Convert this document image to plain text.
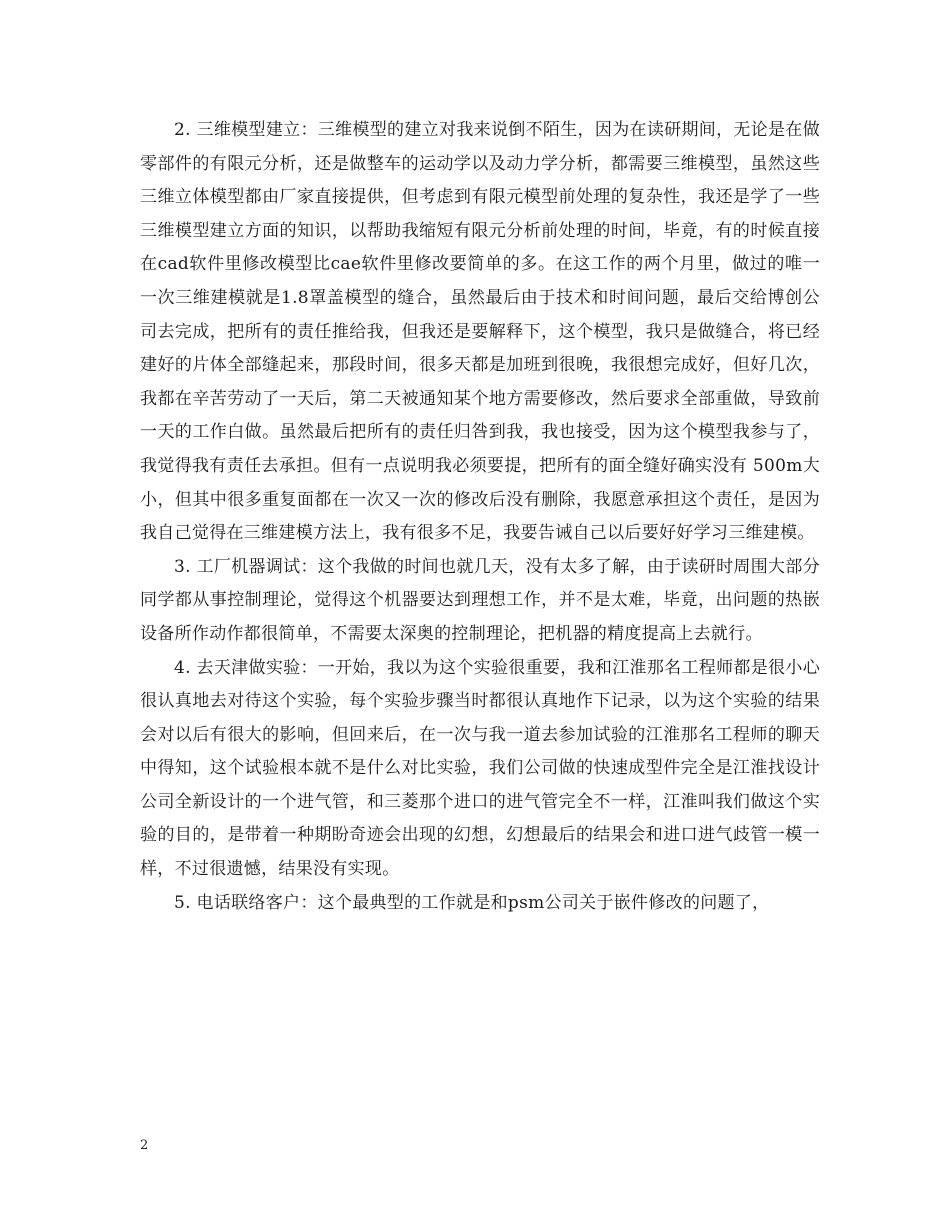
2. 三维模型建立：三维模型的建立对我来说倒不陌生，因为在读研期间，无论是在做零部件的有限元分析，还是做整车的运动学以及动力学分析，都需要三维模型，虽然这些三维立体模型都由厂家直接提供，但考虑到有限元模型前处理的复杂性，我还是学了一些三维模型建立方面的知识，以帮助我缩短有限元分析前处理的时间，毕竟，有的时候直接在cad软件里修改模型比cae软件里修改要简单的多。在这工作的两个月里，做过的唯一一次三维建模就是1.8罩盖模型的缝合，虽然最后由于技术和时间问题，最后交给博创公司去完成，把所有的责任推给我，但我还是要解释下，这个模型，我只是做缝合，将已经建好的片体全部缝起来，那段时间，很多天都是加班到很晚，我很想完成好，但好几次，我都在辛苦劳动了一天后，第二天被通知某个地方需要修改，然后要求全部重做，导致前一天的工作白做。虽然最后把所有的责任归咎到我，我也接受，因为这个模型我参与了，我觉得我有责任去承担。但有一点说明我必须要提，把所有的面全缝好确实没有 500m大小，但其中很多重复面都在一次又一次的修改后没有删除，我愿意承担这个责任，是因为我自己觉得在三维建模方法上，我有很多不足，我要告诫自己以后要好好学习三维建模。

3. 工厂机器调试：这个我做的时间也就几天，没有太多了解，由于读研时周围大部分同学都从事控制理论，觉得这个机器要达到理想工作，并不是太难，毕竟，出问题的热嵌设备所作动作都很简单，不需要太深奥的控制理论，把机器的精度提高上去就行。

4. 去天津做实验：一开始，我以为这个实验很重要，我和江淮那名工程师都是很小心很认真地去对待这个实验，每个实验步骤当时都很认真地作下记录，以为这个实验的结果会对以后有很大的影响，但回来后，在一次与我一道去参加试验的江淮那名工程师的聊天中得知，这个试验根本就不是什么对比实验，我们公司做的快速成型件完全是江淮找设计公司全新设计的一个进气管，和三菱那个进口的进气管完全不一样，江淮叫我们做这个实验的目的，是带着一种期盼奇迹会出现的幻想，幻想最后的结果会和进口进气歧管一模一样，不过很遗憾，结果没有实现。

5. 电话联络客户：这个最典型的工作就是和psm公司关于嵌件修改的问题了，

2
